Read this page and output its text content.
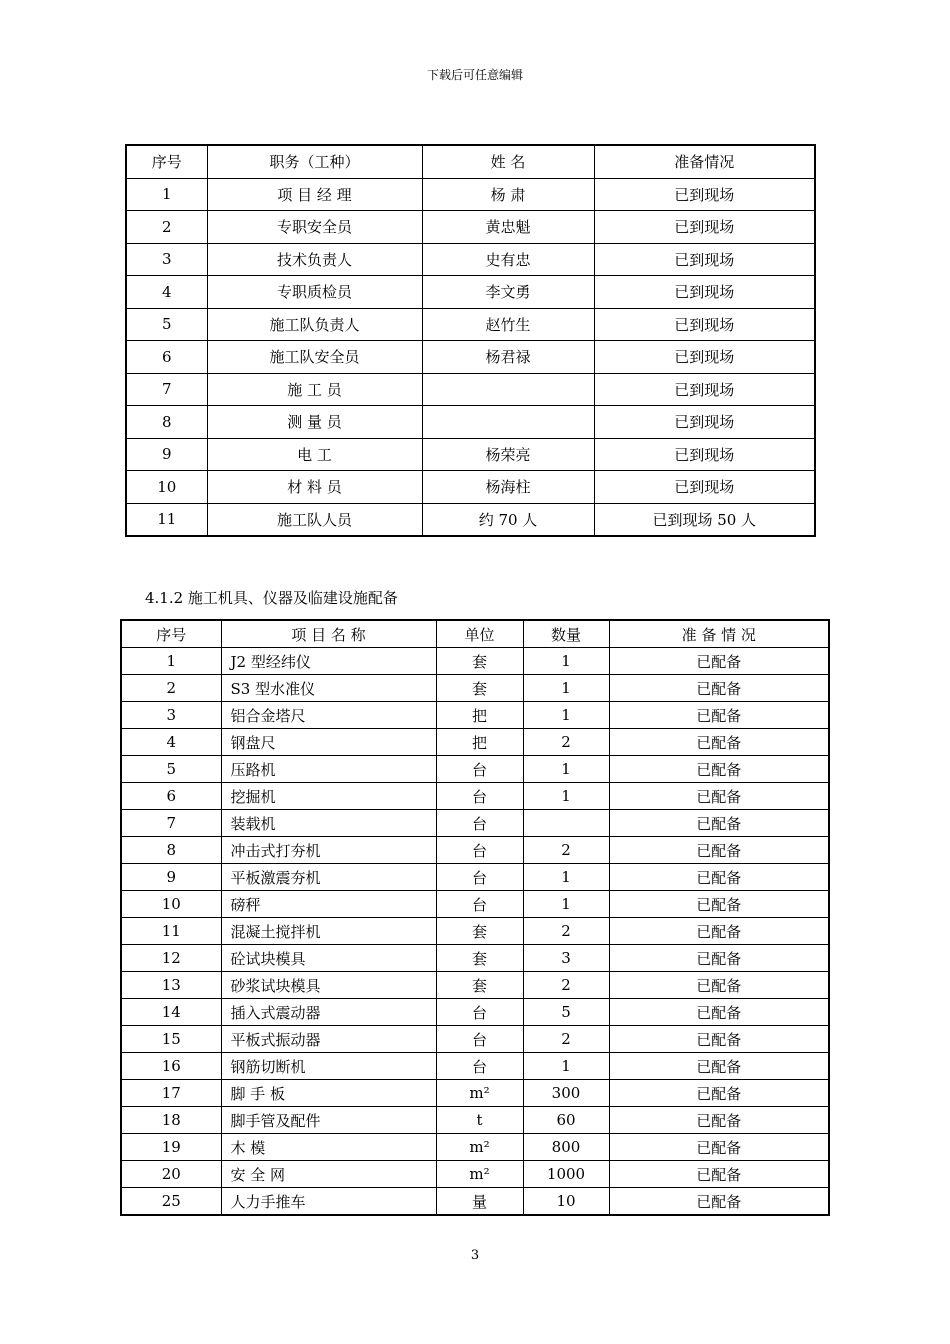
下载后可任意编辑
序号	职务（工种）	姓 名	准备情况
1	项 目 经 理	杨 肃	已到现场
2	专职安全员	黄忠魁	已到现场
3	技术负责人	史有忠	已到现场
4	专职质检员	李文勇	已到现场
5	施工队负责人	赵竹生	已到现场
6	施工队安全员	杨君禄	已到现场
7	施 工 员		已到现场
8	测 量 员		已到现场
9	电 工	杨荣亮	已到现场
10	材 料 员	杨海柱	已到现场
11	施工队人员	约 70 人	已到现场 50 人
4.1.2 施工机具、仪器及临建设施配备
序号	项 目 名 称	单位	数量	准 备 情 况
1	J2 型经纬仪	套	1	已配备
2	S3 型水准仪	套	1	已配备
3	铝合金塔尺	把	1	已配备
4	钢盘尺	把	2	已配备
5	压路机	台	1	已配备
6	挖掘机	台	1	已配备
7	装载机	台		已配备
8	冲击式打夯机	台	2	已配备
9	平板激震夯机	台	1	已配备
10	磅秤	台	1	已配备
11	混凝土搅拌机	套	2	已配备
12	砼试块模具	套	3	已配备
13	砂浆试块模具	套	2	已配备
14	插入式震动器	台	5	已配备
15	平板式振动器	台	2	已配备
16	钢筋切断机	台	1	已配备
17	脚 手 板	m²	300	已配备
18	脚手管及配件	t	60	已配备
19	木 模	m²	800	已配备
20	安 全 网	m²	1000	已配备
25	人力手推车	量	10	已配备
3
